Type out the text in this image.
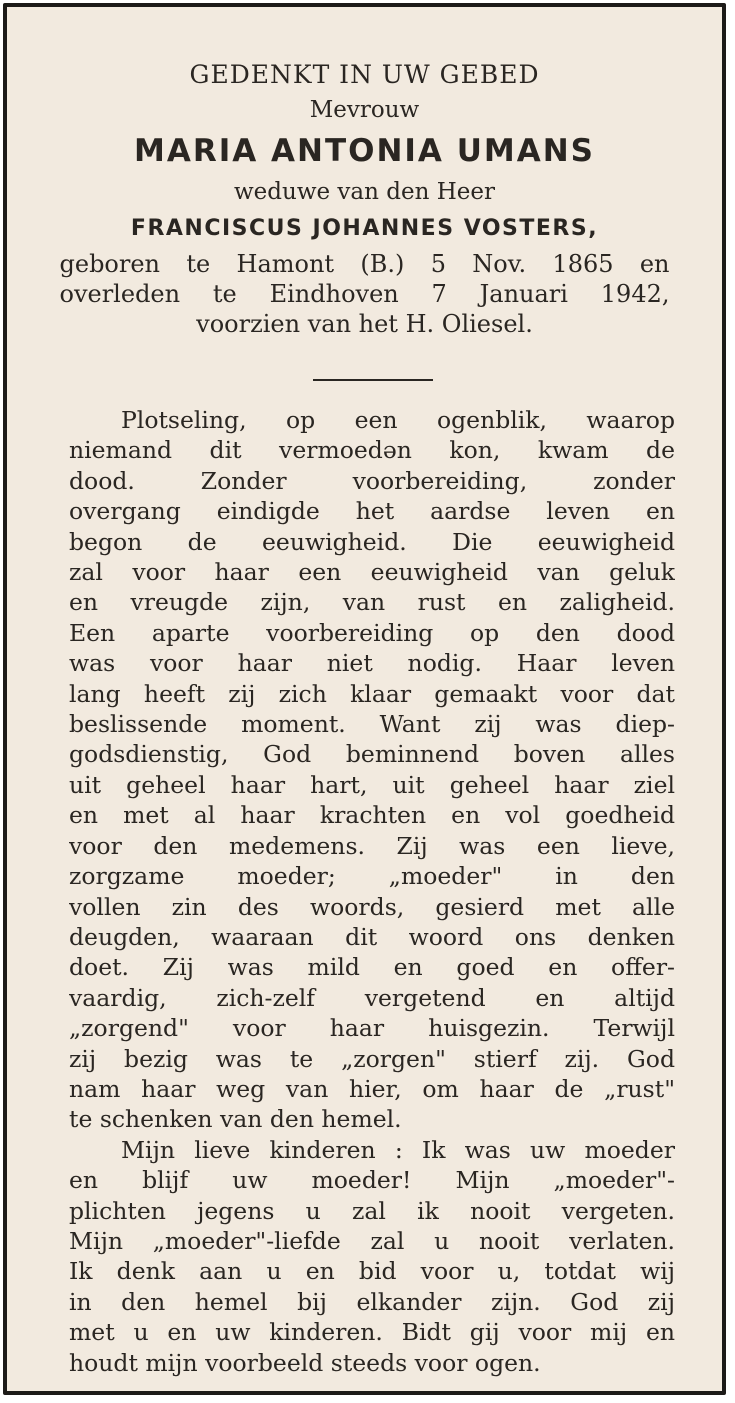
GEDENKT IN UW GEBED
Mevrouw
MARIA ANTONIA UMANS
weduwe van den Heer
FRANCISCUS JOHANNES VOSTERS,
geboren te Hamont (B.) 5 Nov. 1865 en
overleden te Eindhoven 7 Januari 1942,
voorzien van het H. Oliesel.
Plotseling, op een ogenblik, waarop
niemand dit vermoedən kon, kwam de
dood. Zonder voorbereiding, zonder
overgang eindigde het aardse leven en
begon de eeuwigheid. Die eeuwigheid
zal voor haar een eeuwigheid van geluk
en vreugde zijn, van rust en zaligheid.
Een aparte voorbereiding op den dood
was voor haar niet nodig. Haar leven
lang heeft zij zich klaar gemaakt voor dat
beslissende moment. Want zij was diep-
godsdienstig, God beminnend boven alles
uit geheel haar hart, uit geheel haar ziel
en met al haar krachten en vol goedheid
voor den medemens. Zij was een lieve,
zorgzame moeder; „moeder" in den
vollen zin des woords, gesierd met alle
deugden, waaraan dit woord ons denken
doet. Zij was mild en goed en offer-
vaardig, zich-zelf vergetend en altijd
„zorgend" voor haar huisgezin. Terwijl
zij bezig was te „zorgen" stierf zij. God
nam haar weg van hier, om haar de „rust"
te schenken van den hemel.
Mijn lieve kinderen : Ik was uw moeder
en blijf uw moeder! Mijn „moeder"-
plichten jegens u zal ik nooit vergeten.
Mijn „moeder"-liefde zal u nooit verlaten.
Ik denk aan u en bid voor u, totdat wij
in den hemel bij elkander zijn. God zij
met u en uw kinderen. Bidt gij voor mij en
houdt mijn voorbeeld steeds voor ogen.
